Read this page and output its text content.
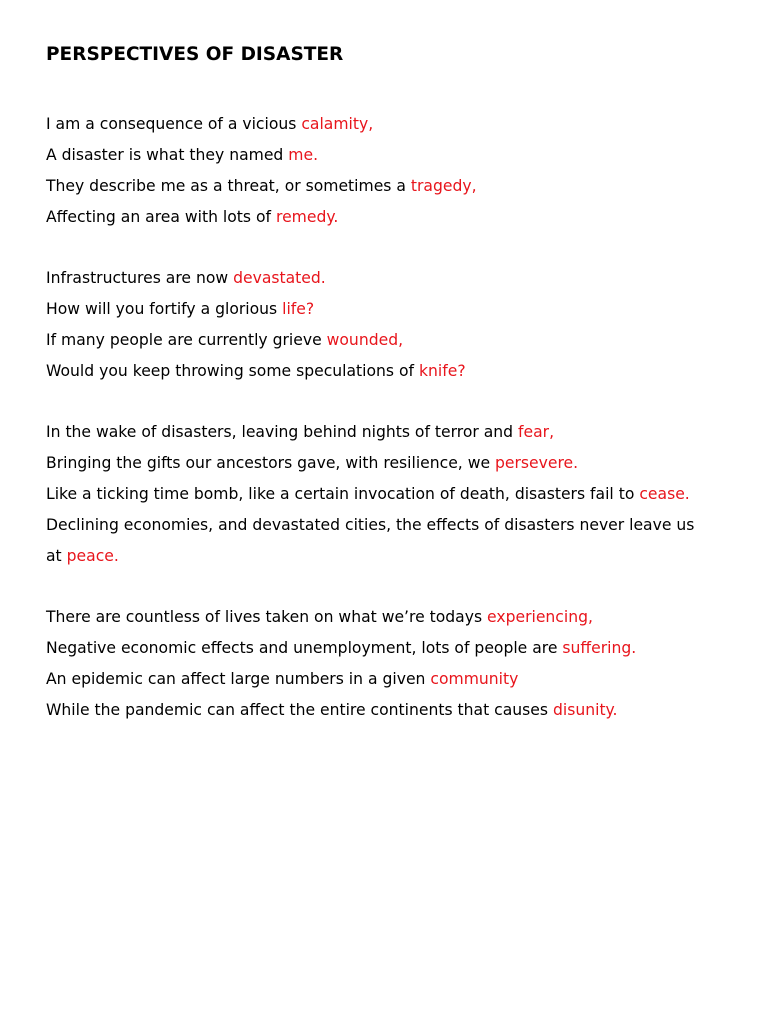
PERSPECTIVES OF DISASTER
I am a consequence of a vicious calamity,
A disaster is what they named me.
They describe me as a threat, or sometimes a tragedy,
Affecting an area with lots of remedy.
Infrastructures are now devastated.
How will you fortify a glorious life?
If many people are currently grieve wounded,
Would you keep throwing some speculations of knife?
In the wake of disasters, leaving behind nights of terror and fear,
Bringing the gifts our ancestors gave, with resilience, we persevere.
Like a ticking time bomb, like a certain invocation of death, disasters fail to cease.
Declining economies, and devastated cities, the effects of disasters never leave us
at peace.
There are countless of lives taken on what we’re todays experiencing,
Negative economic effects and unemployment, lots of people are suffering.
An epidemic can affect large numbers in a given community
While the pandemic can affect the entire continents that causes disunity.
